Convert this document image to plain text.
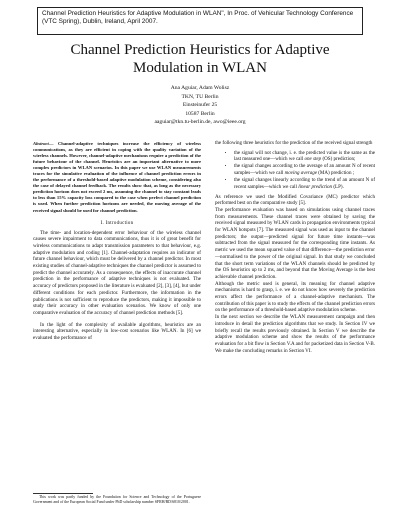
Channel Prediction Heuristics for Adaptive Modulation in WLAN", In Proc. of Vehicular Technology Conference (VTC Spring), Dublin, Ireland, April 2007.
Channel Prediction Heuristics for Adaptive
Modulation in WLAN
Ana Aguiar, Adam Wolisz
TKN, TU Berlin
Einsteinufer 25
10587 Berlin
aaguiar@tkn.tu-berlin.de, awo@ieee.org

Abstract— Channel-adaptive techniques increase the efficiency of wireless communications, as they are efficient in coping with the quality variation of the wireless channels. However, channel-adaptive mechanisms require a prediction of the future behaviour of the channel. Heuristics are an important alternative to more complex predictors in WLAN scenarios. In this paper we use WLAN measurements traces for the simulative evaluation of the influence of channel prediction errors in the performance of a threshold-based adaptive modulation scheme, considering also the case of delayed channel feedback. The results show that, as long as the necessary prediction horizon does not exceed 2 ms, assuming the channel to stay constant leads to less than 15% capacity loss compared to the case when perfect channel prediction is used. When further prediction horizons are needed, the moving average of the received signal should be used for channel prediction.

I. Introduction

The time- and location-dependent error behaviour of the wireless channel causes severe impairment to data communications, thus it is of great benefit for wireless communications to adapt transmission parameters to that behaviour, e.g. adaptive modulation and coding [1]. Channel-adaptation requires an indicator of future channel behaviour, which must be delivered by a channel predictor. In most existing studies of channel-adaptive techniques the channel predictor is assumed to predict the channel accurately. As a consequence, the effects of inaccurate channel prediction in the performance of adaptive techniques is not evaluated. The accuracy of predictors proposed in the literature is evaluated [2], [3], [4], but under different conditions for each predictor. Furthermore, the information in the publications is not sufficient to reproduce the predictors, making it impossible to study their accuracy in other evaluation scenarios. We know of only one comparative evaluation of the accuracy of channel prediction methods [5].

In the light of the complexity of available algorithms, heuristics are an interesting alternative, especially in low-cost scenarios like WLAN. In [6] we evaluated the performance of

This work was partly funded by the Foundation for Science and Technology of the Portuguese Government and of the European Social Fund under PhD scholarship number SFRH/BD/6810/2001.

the following three heuristics for the prediction of the received signal strength

• the signal will not change, i. e. the predicted value is the same as the last measured one—which we call one step (OS) prediction;
• the signal changes according to the average of an amount N of recent samples—which we call moving average (MA) prediction ;
• the signal changes linearly according to the trend of an amount N of recent samples—which we call linear prediction (LP).

As reference we used the Modified Covariance (MC) predictor which performed best on the comparative study [5].

The performance evaluation was based on simulations using channel traces from measurements. These channel traces were obtained by saving the received signal measured by WLAN cards in propagation environments typical for WLAN hotspots [7]. The measured signal was used as input to the channel predictors; the output—predicted signal for future time instants—was subtracted from the signal measured for the corresponding time instants. As metric we used the mean squared value of that difference—the prediction error—normalised to the power of the original signal. In that study we concluded that the short term variations of the WLAN channels should be predicted by the OS heuristics up to 2 ms, and beyond that the Moving Average is the best achievable channel prediction.

Although the metric used is general, its meaning for channel adaptive mechanisms is hard to grasp, i. e. we do not know how severely the prediction errors affect the performance of a channel-adaptive mechanism. The contribution of this paper is to study the effects of the channel prediction errors on the performance of a threshold-based adaptive modulation scheme.

In the next section we describe the WLAN measurement campaign and then introduce in detail the prediction algorithms that we study. In Section IV we briefly recall the results previously obtained. In Section V we describe the adaptive modulation scheme and show the results of the performance evaluation for a bit flow in Section V.A and for packetized data in Section V-B. We make the concluding remarks in Section VI.
